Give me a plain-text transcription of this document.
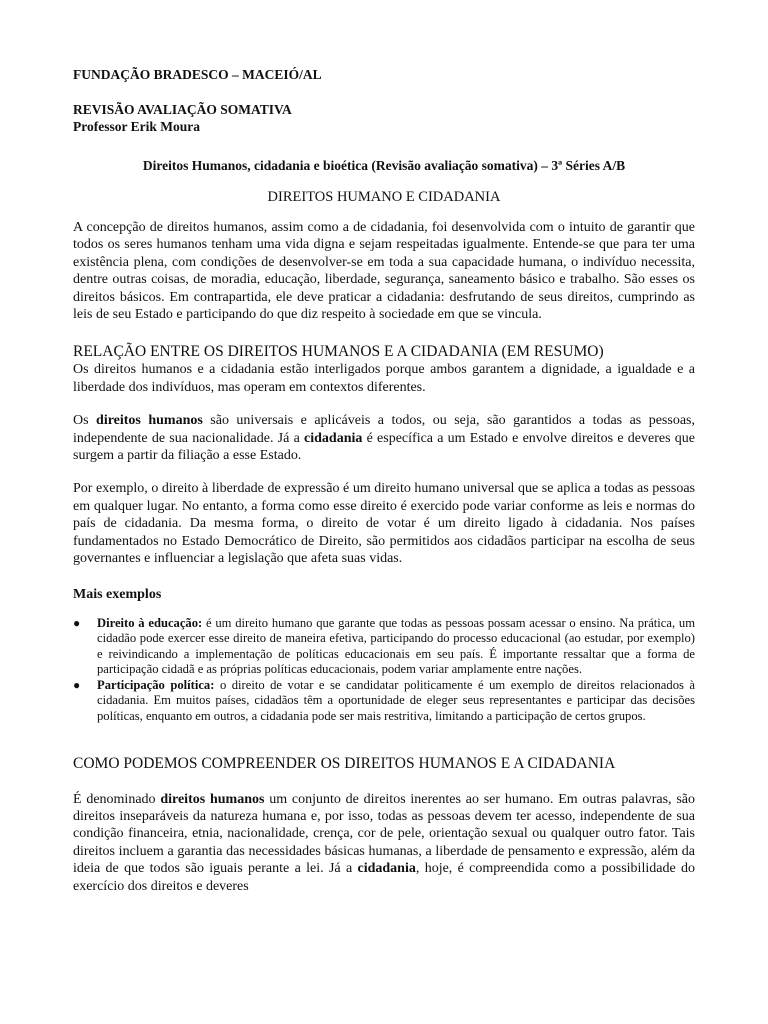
FUNDAÇÃO BRADESCO – MACEIÓ/AL

REVISÃO AVALIAÇÃO SOMATIVA

Professor Erik Moura

Direitos Humanos, cidadania e bioética (Revisão avaliação somativa) – 3ª Séries A/B

DIREITOS HUMANO E CIDADANIA

A concepção de direitos humanos, assim como a de cidadania, foi desenvolvida com o intuito de garantir que todos os seres humanos tenham uma vida digna e sejam respeitadas igualmente. Entende-se que para ter uma existência plena, com condições de desenvolver-se em toda a sua capacidade humana, o indivíduo necessita, dentre outras coisas, de moradia, educação, liberdade, segurança, saneamento básico e trabalho. São esses os direitos básicos. Em contrapartida, ele deve praticar a cidadania: desfrutando de seus direitos, cumprindo as leis de seu Estado e participando do que diz respeito à sociedade em que se vincula.

RELAÇÃO ENTRE OS DIREITOS HUMANOS E A CIDADANIA (EM RESUMO)

Os direitos humanos e a cidadania estão interligados porque ambos garantem a dignidade, a igualdade e a liberdade dos indivíduos, mas operam em contextos diferentes.

Os direitos humanos são universais e aplicáveis a todos, ou seja, são garantidos a todas as pessoas, independente de sua nacionalidade. Já a cidadania é específica a um Estado e envolve direitos e deveres que surgem a partir da filiação a esse Estado.

Por exemplo, o direito à liberdade de expressão é um direito humano universal que se aplica a todas as pessoas em qualquer lugar. No entanto, a forma como esse direito é exercido pode variar conforme as leis e normas do país de cidadania. Da mesma forma, o direito de votar é um direito ligado à cidadania. Nos países fundamentados no Estado Democrático de Direito, são permitidos aos cidadãos participar na escolha de seus governantes e influenciar a legislação que afeta suas vidas.

Mais exemplos

● Direito à educação: é um direito humano que garante que todas as pessoas possam acessar o ensino. Na prática, um cidadão pode exercer esse direito de maneira efetiva, participando do processo educacional (ao estudar, por exemplo) e reivindicando a implementação de políticas educacionais em seu país. É importante ressaltar que a forma de participação cidadã e as próprias políticas educacionais, podem variar amplamente entre nações.
● Participação política: o direito de votar e se candidatar politicamente é um exemplo de direitos relacionados à cidadania. Em muitos países, cidadãos têm a oportunidade de eleger seus representantes e participar das decisões políticas, enquanto em outros, a cidadania pode ser mais restritiva, limitando a participação de certos grupos.
COMO PODEMOS COMPREENDER OS DIREITOS HUMANOS E A CIDADANIA

É denominado direitos humanos um conjunto de direitos inerentes ao ser humano. Em outras palavras, são direitos inseparáveis da natureza humana e, por isso, todas as pessoas devem ter acesso, independente de sua condição financeira, etnia, nacionalidade, crença, cor de pele, orientação sexual ou qualquer outro fator. Tais direitos incluem a garantia das necessidades básicas humanas, a liberdade de pensamento e expressão, além da ideia de que todos são iguais perante a lei. Já a cidadania, hoje, é compreendida como a possibilidade do exercício dos direitos e deveres
